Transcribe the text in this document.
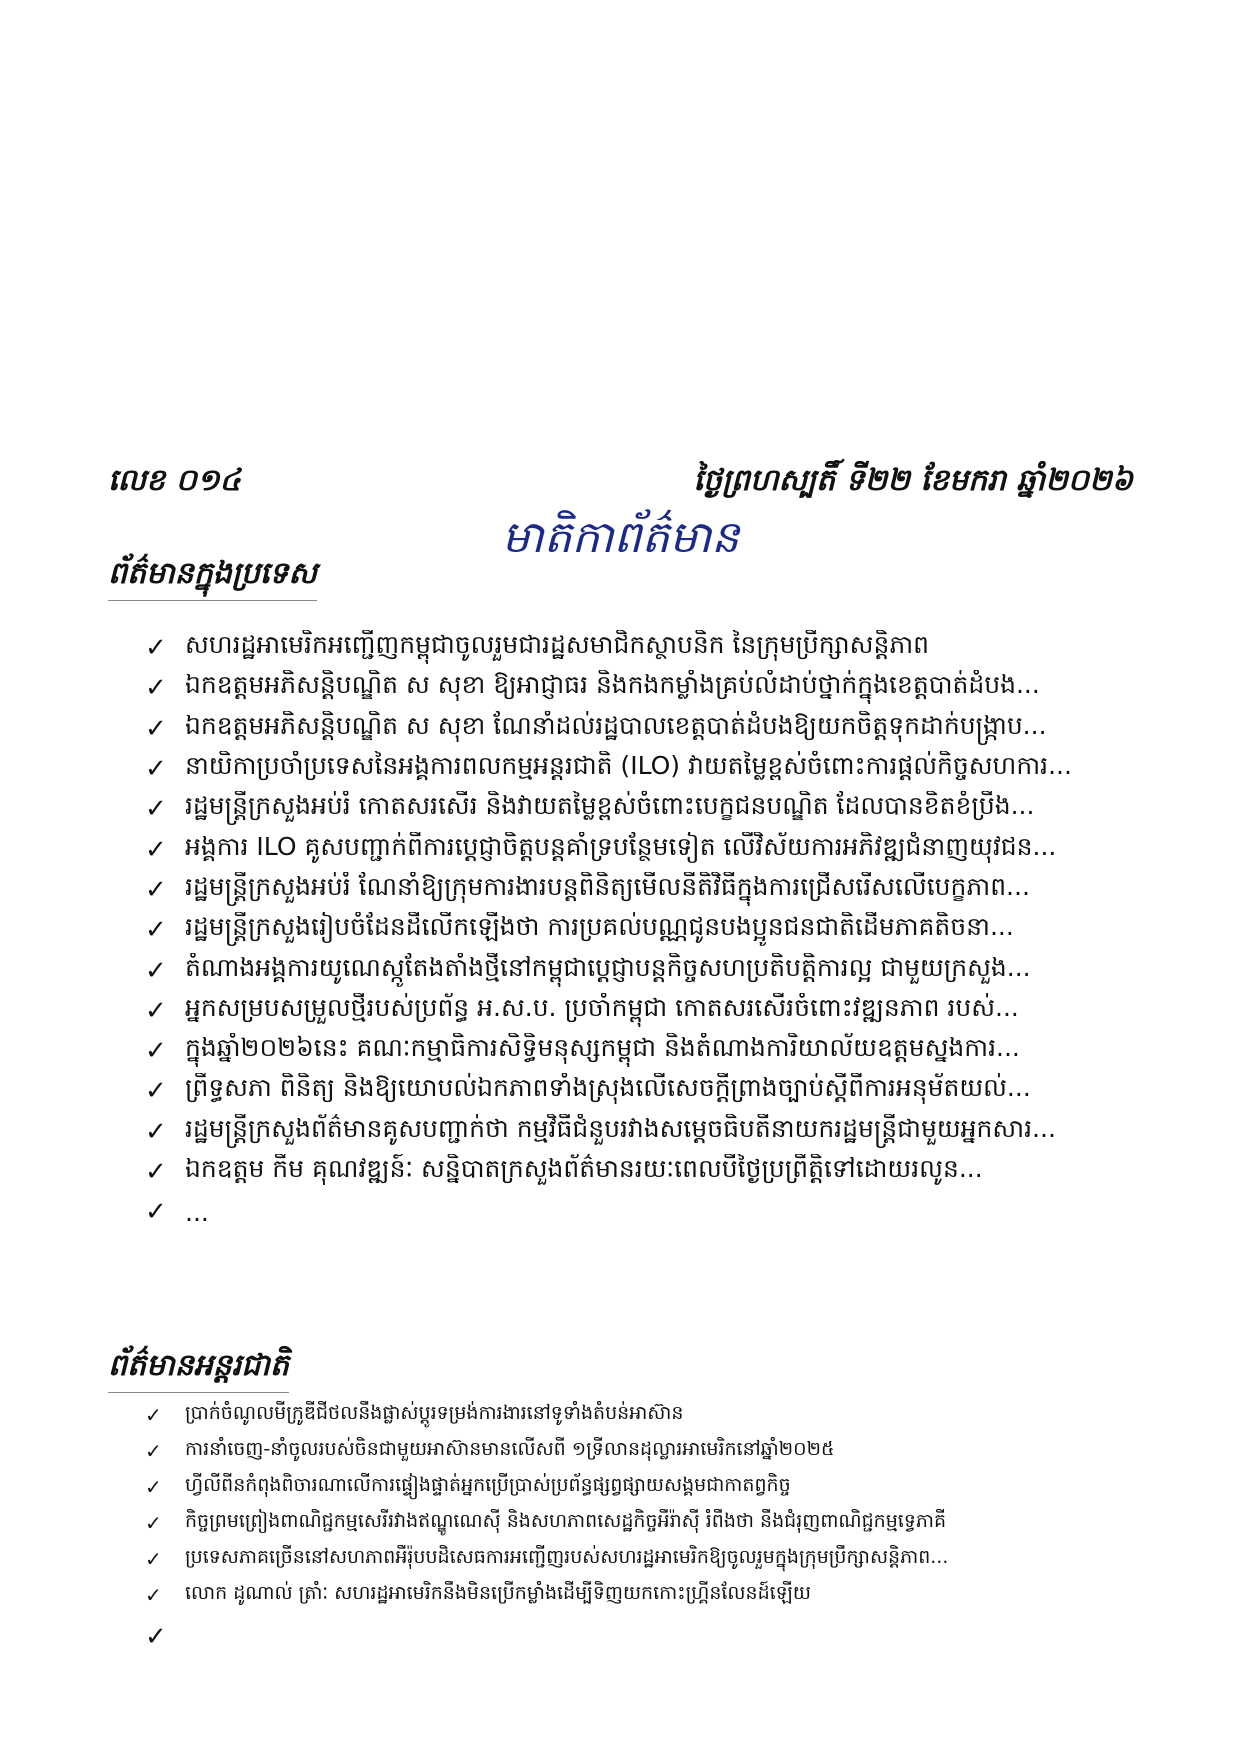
លេខ ០១៤	ថ្ងៃព្រហស្បតិ៍ ទី២២ ខែមករា ឆ្នាំ២០២៦
មាតិកាព័ត៌មាន
ព័ត៌មានក្នុងប្រទេស
✓ សហរដ្ឋអាមេរិកអញ្ជើញកម្ពុជាចូលរួមជារដ្ឋសមាជិកស្ថាបនិក នៃក្រុមប្រឹក្សាសន្តិភាព
✓ ឯកឧត្តមអភិសន្តិបណ្ឌិត ស សុខា ឱ្យអាជ្ញាធរ និងកងកម្លាំងគ្រប់លំដាប់ថ្នាក់ក្នុងខេត្តបាត់ដំបង...
✓ ឯកឧត្តមអភិសន្តិបណ្ឌិត ស សុខា ណែនាំដល់រដ្ឋបាលខេត្តបាត់ដំបងឱ្យយកចិត្តទុកដាក់បង្ក្រាប...
✓ នាយិកាប្រចាំប្រទេសនៃអង្គការពលកម្មអន្តរជាតិ (ILO) វាយតម្លៃខ្ពស់ចំពោះការផ្តល់កិច្ចសហការ...
✓ រដ្ឋមន្ត្រីក្រសួងអប់រំ កោតសរសើរ និងវាយតម្លៃខ្ពស់ចំពោះបេក្ខជនបណ្ឌិត ដែលបានខិតខំប្រឹង...
✓ អង្គការ ILO គូសបញ្ជាក់ពីការប្តេជ្ញាចិត្តបន្តគាំទ្របន្ថែមទៀត លើវិស័យការអភិវឌ្ឍជំនាញយុវជន...
✓ រដ្ឋមន្ត្រីក្រសួងអប់រំ ណែនាំឱ្យក្រុមការងារបន្តពិនិត្យមើលនីតិវិធីក្នុងការជ្រើសរើសលើបេក្ខភាព...
✓ រដ្ឋមន្ត្រីក្រសួងរៀបចំដែនដីលើកឡើងថា ការប្រគល់បណ្ណជូនបងប្អូនជនជាតិដើមភាគតិចនា...
✓ តំណាងអង្គការយូណេស្កូតែងតាំងថ្មីនៅកម្ពុជាប្តេជ្ញាបន្តកិច្ចសហប្រតិបត្តិការល្អ ជាមួយក្រសួង...
✓ អ្នកសម្របសម្រួលថ្មីរបស់ប្រព័ន្ធ អ.ស.ប. ប្រចាំកម្ពុជា កោតសរសើរចំពោះវឌ្ឍនភាព របស់...
✓ ក្នុងឆ្នាំ២០២៦នេះ គណៈកម្មាធិការសិទ្ធិមនុស្សកម្ពុជា និងតំណាងការិយាល័យឧត្តមស្នងការ...
✓ ព្រឹទ្ធសភា ពិនិត្យ និងឱ្យយោបល់ឯកភាពទាំងស្រុងលើសេចក្តីព្រាងច្បាប់ស្តីពីការអនុម័តយល់...
✓ រដ្ឋមន្ត្រីក្រសួងព័ត៌មានគូសបញ្ជាក់ថា កម្មវិធីជំនួបរវាងសម្តេចធិបតីនាយករដ្ឋមន្ត្រីជាមួយអ្នកសារ...
✓ ឯកឧត្តម កឹម គុណវឌ្ឍន៍ៈ សន្និបាតក្រសួងព័ត៌មានរយៈពេលបីថ្ងៃប្រព្រឹត្តិទៅដោយរលូន...
✓ ...
ព័ត៌មានអន្តរជាតិ
✓	ប្រាក់ចំណូលមីក្រូឌីជីថលនឹងផ្លាស់ប្តូរទម្រង់ការងារនៅទូទាំងតំបន់អាស៊ាន
✓	ការនាំចេញ-នាំចូលរបស់ចិនជាមួយអាស៊ានមានលើសពី ១ទ្រីលានដុល្លារអាមេរិកនៅឆ្នាំ២០២៥
✓	ហ្វីលីពីនកំពុងពិចារណាលើការផ្ទៀងផ្ទាត់អ្នកប្រើប្រាស់ប្រព័ន្ធផ្សព្វផ្សាយសង្គមជាកាតព្វកិច្ច
✓	កិច្ចព្រមព្រៀងពាណិជ្ជកម្មសេរីរវាងឥណ្ឌូណេស៊ី និងសហភាពសេដ្ឋកិច្ចអឺរ៉ាស៊ី រំពឹងថា នឹងជំរុញពាណិជ្ជកម្មទ្វេភាគី
✓	ប្រទេសភាគច្រើននៅសហភាពអឺរ៉ុបបដិសេធការអញ្ជើញរបស់សហរដ្ឋអាមេរិកឱ្យចូលរួមក្នុងក្រុមប្រឹក្សាសន្តិភាព...
✓	លោក ដូណាល់ ត្រាំៈ សហរដ្ឋអាមេរិកនឹងមិនប្រើកម្លាំងដើម្បីទិញយកកោះហ្គ្រីនលែនដ៍ឡើយ
✓
